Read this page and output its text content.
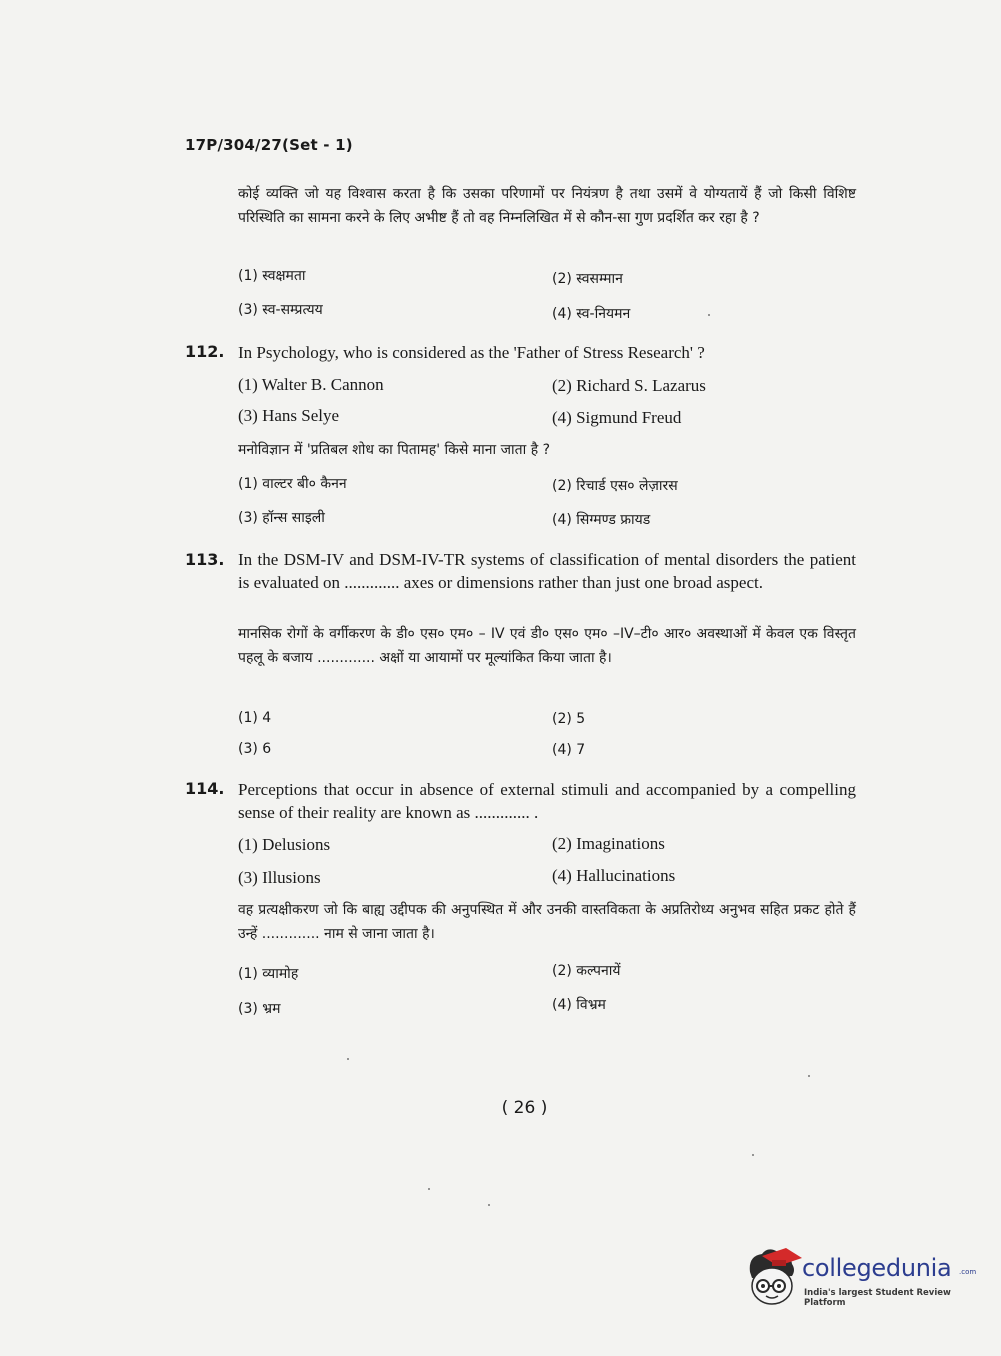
17P/304/27(Set - 1)
कोई व्यक्ति जो यह विश्वास करता है कि उसका परिणामों पर नियंत्रण है तथा उसमें वे योग्यतायें हैं जो किसी विशिष्ट परिस्थिति का सामना करने के लिए अभीष्ट हैं तो वह निम्नलिखित में से कौन-सा गुण प्रदर्शित कर रहा है ?
(1) स्वक्षमता	(2) स्वसम्मान
(3) स्व-सम्प्रत्यय	(4) स्व-नियमन
112. In Psychology, who is considered as the 'Father of Stress Research' ?
(1) Walter B. Cannon	(2) Richard S. Lazarus
(3) Hans Selye	(4) Sigmund Freud
मनोविज्ञान में 'प्रतिबल शोध का पितामह' किसे माना जाता है ?
(1) वाल्टर बी० कैनन	(2) रिचार्ड एस० लेज़ारस
(3) हॉन्स साइली	(4) सिग्मण्ड फ्रायड
113. In the DSM-IV and DSM-IV-TR systems of classification of mental disorders the patient is evaluated on ............. axes or dimensions rather than just one broad aspect.
मानसिक रोगों के वर्गीकरण के डी० एस० एम० – IV एवं डी० एस० एम० –IV–टी० आर० अवस्थाओं में केवल एक विस्तृत पहलू के बजाय ............. अक्षों या आयामों पर मूल्यांकित किया जाता है।
(1) 4	(2) 5
(3) 6	(4) 7
114. Perceptions that occur in absence of external stimuli and accompanied by a compelling sense of their reality are known as ............. .
(1) Delusions	(2) Imaginations
(3) Illusions	(4) Hallucinations
वह प्रत्यक्षीकरण जो कि बाह्य उद्दीपक की अनुपस्थित में और उनकी वास्तविकता के अप्रतिरोध्य अनुभव सहित प्रकट होते हैं उन्हें ............. नाम से जाना जाता है।
(1) व्यामोह	(2) कल्पनायें
(3) भ्रम	(4) विभ्रम
( 26 )
collegedunia .com
India's largest Student Review Platform
